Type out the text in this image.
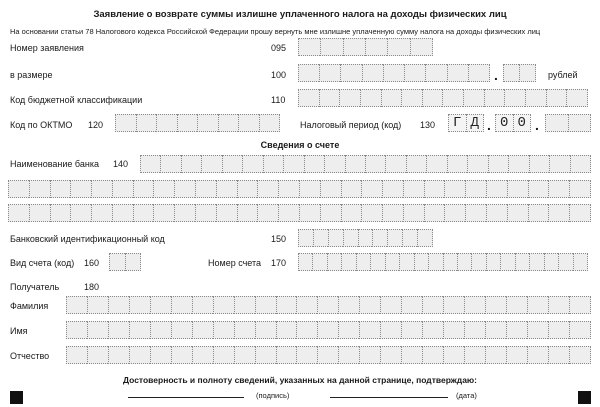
Заявление о возврате суммы излишне уплаченного налога на доходы физических лиц
На основании статьи 78 Налогового кодекса Российской Федерации прошу вернуть мне излишне уплаченную сумму налога на доходы физических лиц
Номер заявления	095
в размере	100	.	рублей
Код бюджетной классификации	110
Код по ОКТМО 120	Налоговый период (код) 130	Г Д . 0 0 .
Сведения о счете
Наименование банка 140
Банковский идентификационный код	150
Вид счета (код) 160	Номер счета 170
Получатель	180
Фамилия
Имя
Отчество
Достоверность и полноту сведений, указанных на данной странице, подтверждаю:
(подпись)	(дата)
